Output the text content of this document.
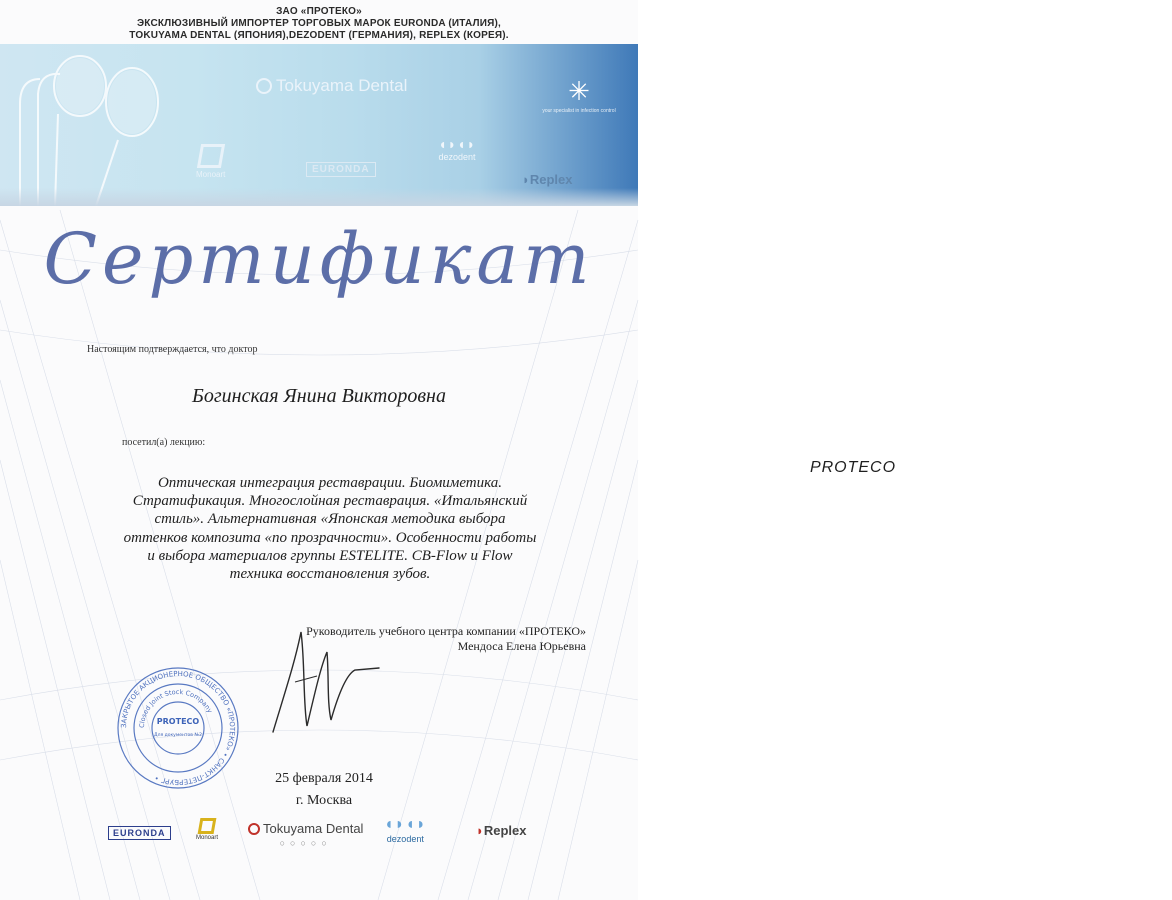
ЗАО «ПРОТЕКО»
ЭКСКЛЮЗИВНЫЙ ИМПОРТЕР ТОРГОВЫХ МАРОК EURONDA (ИТАЛИЯ),
TOKUYAMA DENTAL (ЯПОНИЯ),DEZODENT (ГЕРМАНИЯ), REPLEX (КОРЕЯ).
Tokuyama Dental
Monoart	EURONDA
◖◗◖◗
dezodent
✳
PROTECO
your specialist in infection control
◗Replex
Сертификат
Настоящим подтверждается, что доктор
Богинская Янина Викторовна
посетил(а) лекцию:
Оптическая интеграция реставрации. Биомиметика.
Стратификация. Многослойная реставрация. «Итальянский
стиль». Альтернативная «Японская методика выбора
оттенков композита «по прозрачности». Особенности работы
и выбора материалов группы ESTELITE. CB-Flow и Flow
техника восстановления зубов.
Руководитель учебного центра компании «ПРОТЕКО»
Мендоса Елена Юрьевна
ЗАКРЫТОЕ АКЦИОНЕРНОЕ ОБЩЕСТВО «ПРОТЕКО» • САНКТ-ПЕТЕРБУРГ •
Closed Joint Stock Company
PROTECO
Для документов №2
25 февраля 2014
г. Москва
EURONDA	Monoart
Tokuyama Dental
○○○○○
◖◗◖◗
dezodent
◗Replex
